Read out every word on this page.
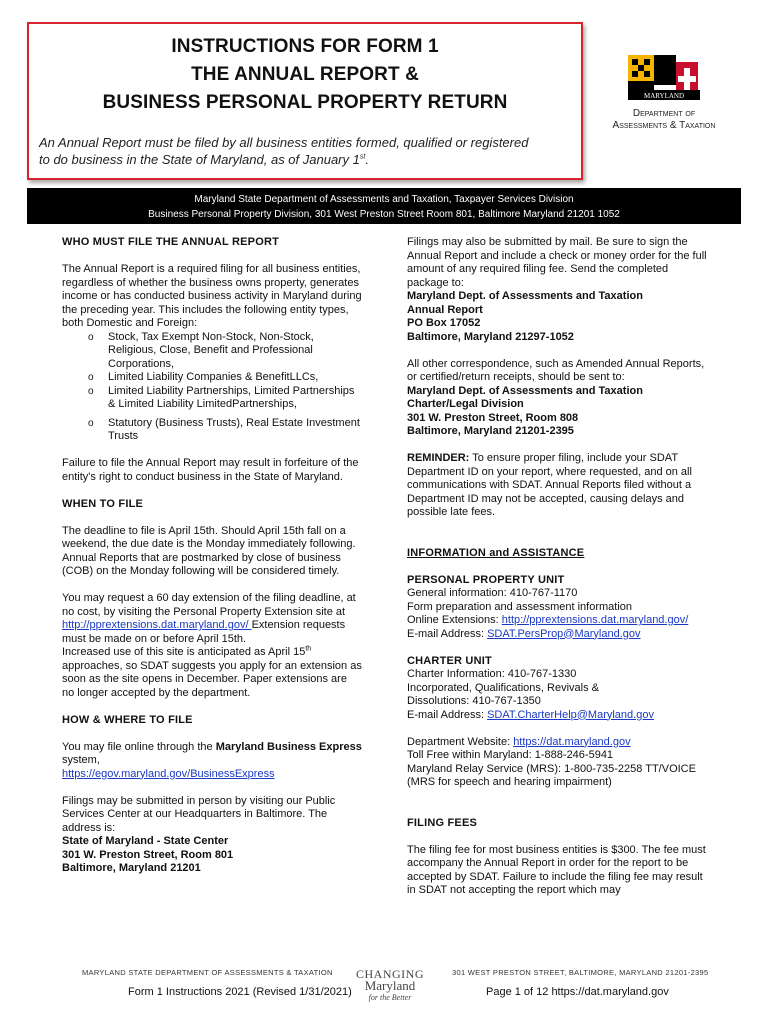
INSTRUCTIONS FOR FORM 1
THE ANNUAL REPORT &
BUSINESS PERSONAL PROPERTY RETURN
An Annual Report must be filed by all business entities formed, qualified or registered
to do business in the State of Maryland, as of January 1st.
MARYLAND
Department of
Assessments & Taxation
Maryland State Department of Assessments and Taxation, Taxpayer Services Division
Business Personal Property Division, 301 West Preston Street Room 801, Baltimore Maryland 21201 1052

WHO MUST FILE THE ANNUAL REPORT

The Annual Report is a required filing for all business entities, regardless of whether the business owns property, generates income or has conducted business activity in Maryland during the preceding year. This includes the following entity types, both Domestic and Foreign:

o Stock, Tax Exempt Non-Stock, Non-Stock, Religious, Close, Benefit and Professional Corporations,
o Limited Liability Companies & BenefitLLCs,
o Limited Liability Partnerships, Limited Partnerships & Limited Liability LimitedPartnerships,
o Statutory (Business Trusts), Real Estate Investment Trusts

Failure to file the Annual Report may result in forfeiture of the entity's right to conduct business in the State of Maryland.

WHEN TO FILE

The deadline to file is April 15th. Should April 15th fall on a weekend, the due date is the Monday immediately following. Annual Reports that are postmarked by close of business (COB) on the Monday following will be considered timely.

You may request a 60 day extension of the filing deadline, at no cost, by visiting the Personal Property Extension site at http://pprextensions.dat.maryland.gov/ Extension requests must be made on or before April 15th.
Increased use of this site is anticipated as April 15th approaches, so SDAT suggests you apply for an extension as soon as the site opens in December. Paper extensions are no longer accepted by the department.

HOW & WHERE TO FILE

You may file online through the Maryland Business Express system,
https://egov.maryland.gov/BusinessExpress

Filings may be submitted in person by visiting our Public Services Center at our Headquarters in Baltimore. The address is:

State of Maryland - State Center

301 W. Preston Street, Room 801

Baltimore, Maryland 21201

Filings may also be submitted by mail. Be sure to sign the Annual Report and include a check or money order for the full amount of any required filing fee. Send the completed package to:

Maryland Dept. of Assessments and Taxation

Annual Report

PO Box 17052

Baltimore, Maryland 21297-1052

All other correspondence, such as Amended Annual Reports, or certified/return receipts, should be sent to:

Maryland Dept. of Assessments and Taxation

Charter/Legal Division

301 W. Preston Street, Room 808

Baltimore, Maryland 21201-2395

REMINDER: To ensure proper filing, include your SDAT Department ID on your report, where requested, and on all communications with SDAT. Annual Reports filed without a Department ID may not be accepted, causing delays and possible late fees.

INFORMATION and ASSISTANCE

PERSONAL PROPERTY UNIT

General information: 410-767-1170

Form preparation and assessment information

Online Extensions: http://pprextensions.dat.maryland.gov/

E-mail Address: SDAT.PersProp@Maryland.gov

CHARTER UNIT

Charter Information: 410-767-1330

Incorporated, Qualifications, Revivals &

Dissolutions: 410-767-1350

E-mail Address: SDAT.CharterHelp@Maryland.gov

Department Website: https://dat.maryland.gov

Toll Free within Maryland: 1-888-246-5941

Maryland Relay Service (MRS): 1-800-735-2258 TT/VOICE

(MRS for speech and hearing impairment)

FILING FEES

The filing fee for most business entities is $300. The fee must accompany the Annual Report in order for the report to be accepted by SDAT. Failure to include the filing fee may result in SDAT not accepting the report which may

MARYLAND STATE DEPARTMENT OF ASSESSMENTS & TAXATION	301 WEST PRESTON STREET, BALTIMORE, MARYLAND 21201-2395
CHANGING
Maryland
for the Better
Form 1 Instructions 2021 (Revised 1/31/2021)	Page 1 of 12 https://dat.maryland.gov
